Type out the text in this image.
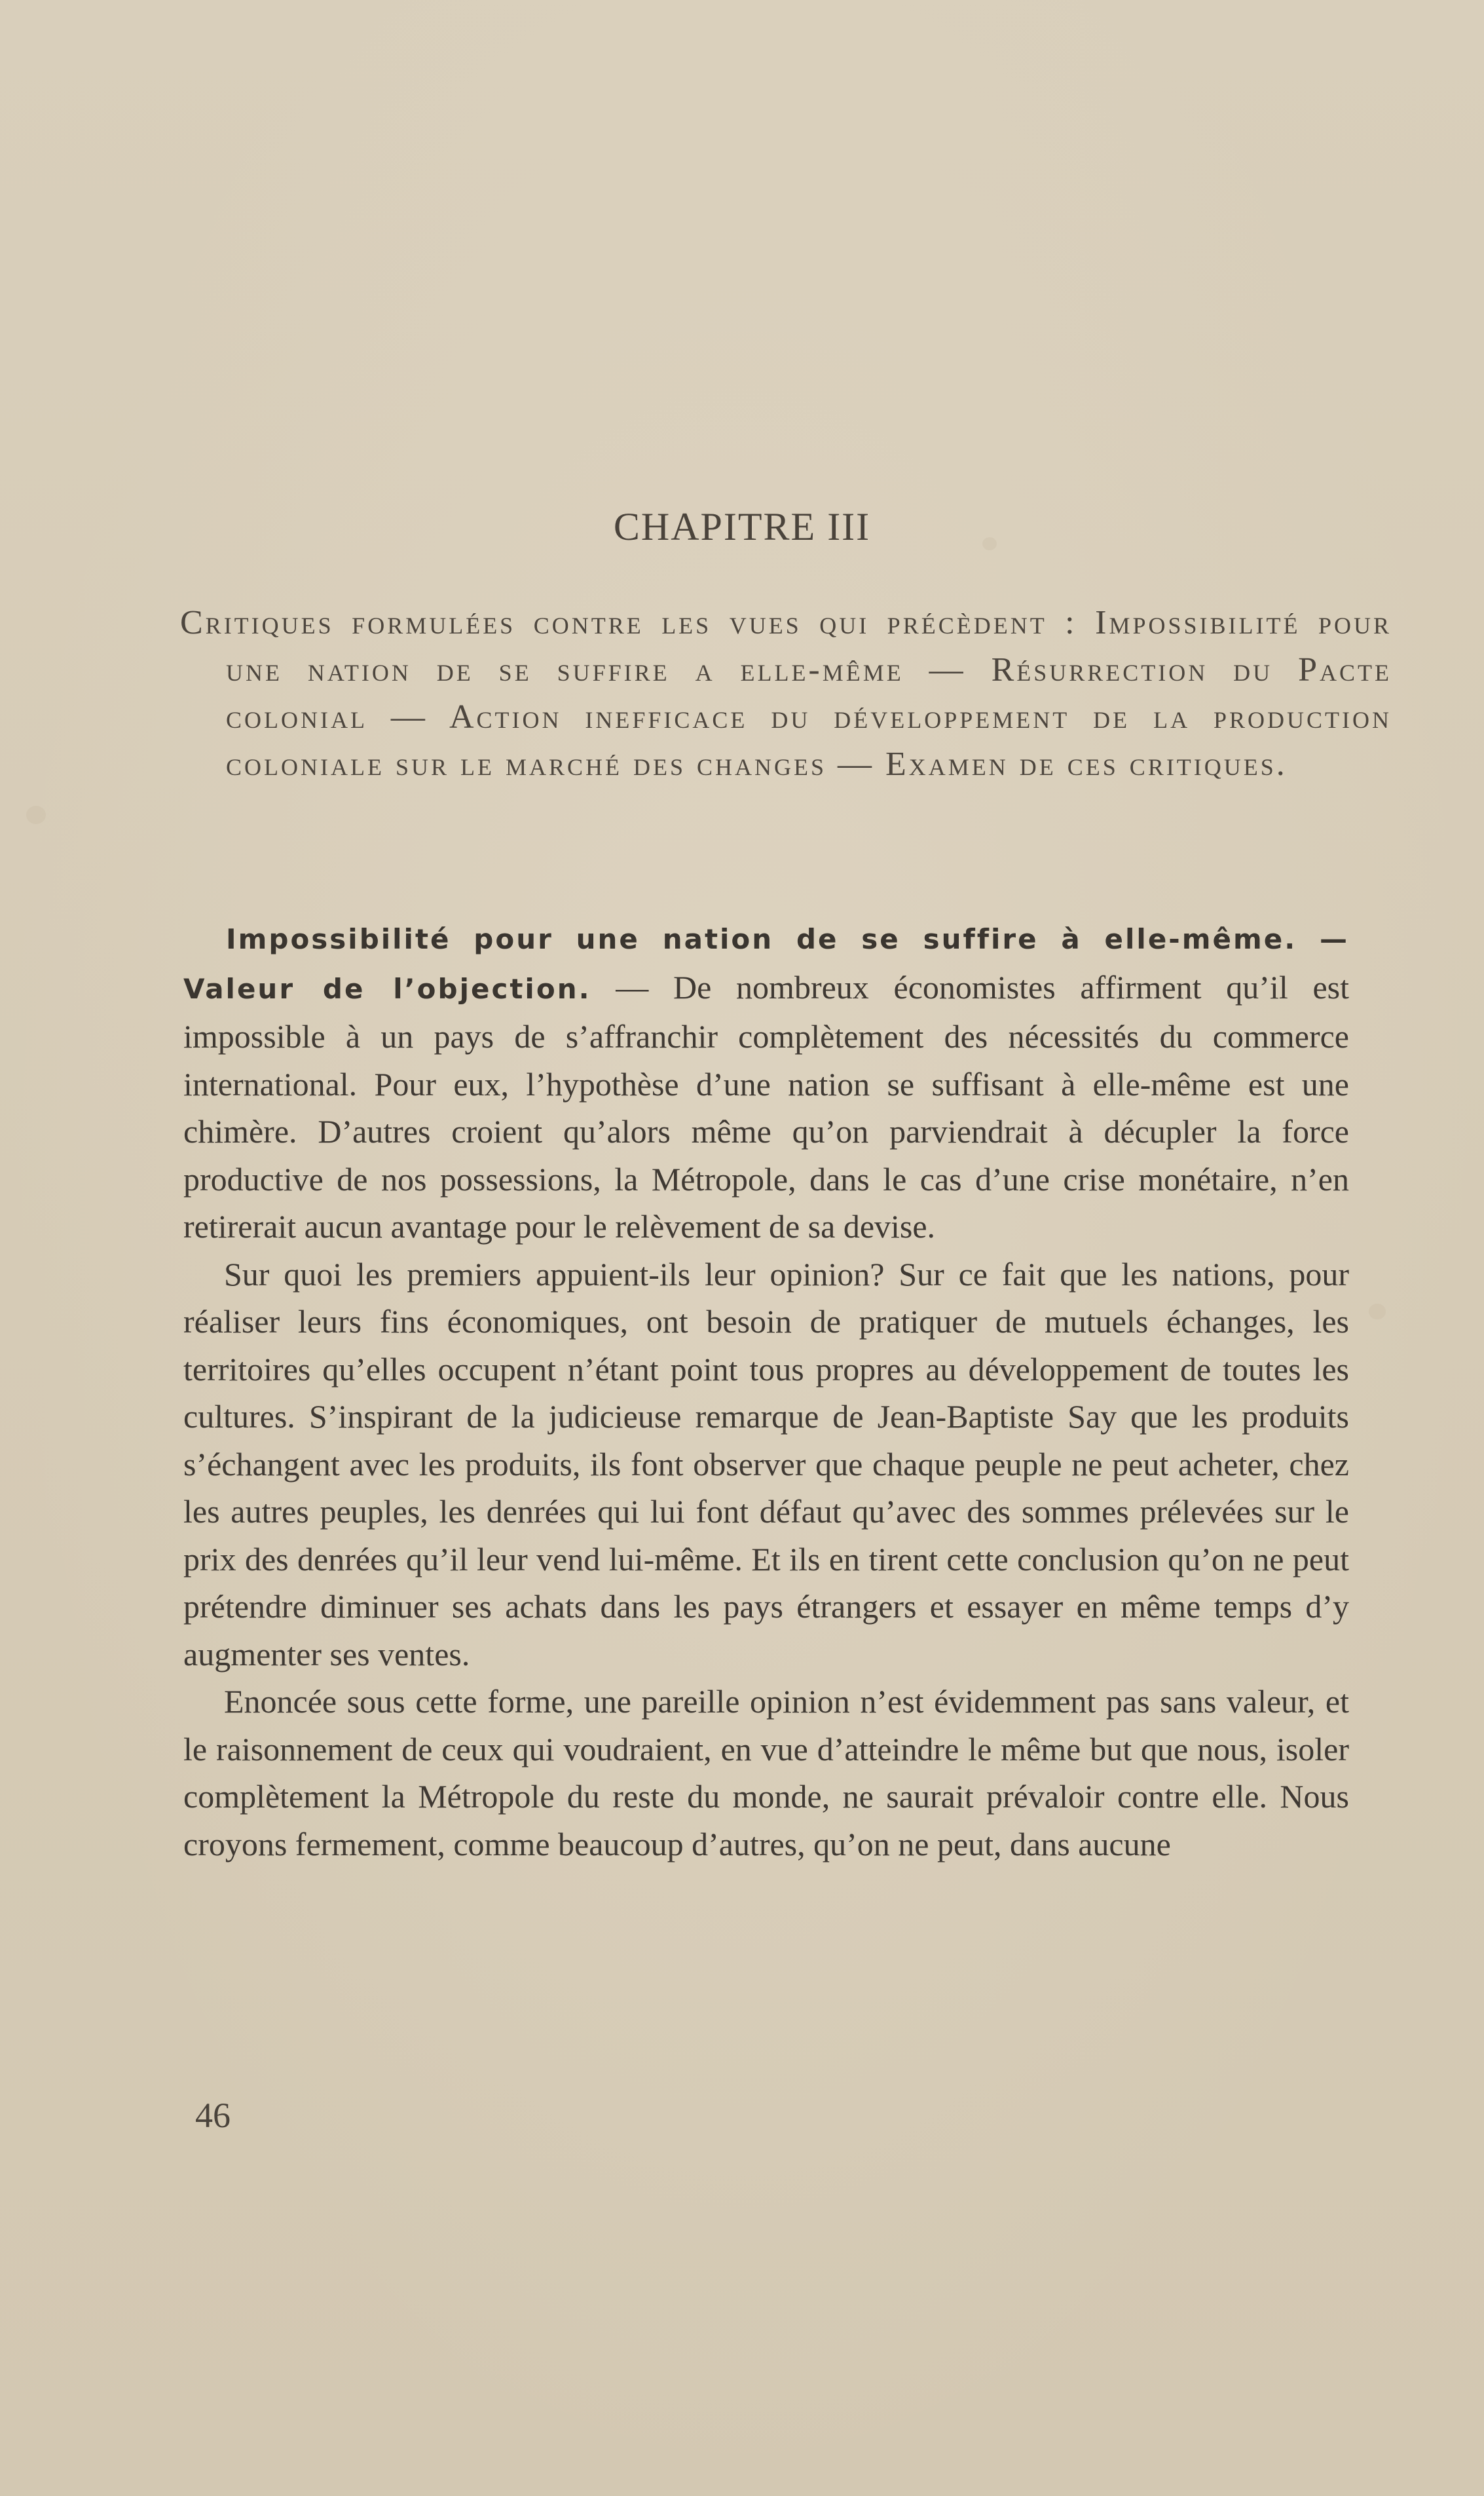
CHAPITRE III
Critiques formulées contre les vues qui précèdent : Impossibilité pour une nation de se suffire a elle-même — Résurrection du Pacte colonial — Action inefficace du développement de la production coloniale sur le marché des changes — Examen de ces critiques.

Impossibilité pour une nation de se suffire à elle-même. — Valeur de l’objection. — De nombreux économistes affirment qu’il est impossible à un pays de s’affranchir complètement des nécessités du commerce international. Pour eux, l’hypothèse d’une nation se suffisant à elle-même est une chimère. D’autres croient qu’alors même qu’on parviendrait à décupler la force productive de nos possessions, la Métropole, dans le cas d’une crise monétaire, n’en retirerait aucun avantage pour le relèvement de sa devise.

Sur quoi les premiers appuient-ils leur opinion? Sur ce fait que les nations, pour réaliser leurs fins économiques, ont besoin de pratiquer de mutuels échanges, les territoires qu’elles occupent n’étant point tous propres au développement de toutes les cultures. S’inspirant de la judicieuse remarque de Jean-Baptiste Say que les produits s’échangent avec les produits, ils font observer que chaque peuple ne peut acheter, chez les autres peuples, les denrées qui lui font défaut qu’avec des sommes prélevées sur le prix des denrées qu’il leur vend lui-même. Et ils en tirent cette conclusion qu’on ne peut prétendre diminuer ses achats dans les pays étrangers et essayer en même temps d’y augmenter ses ventes.

Enoncée sous cette forme, une pareille opinion n’est évidemment pas sans valeur, et le raisonnement de ceux qui voudraient, en vue d’atteindre le même but que nous, isoler complètement la Métropole du reste du monde, ne saurait prévaloir contre elle. Nous croyons fermement, comme beaucoup d’autres, qu’on ne peut, dans aucune

46
